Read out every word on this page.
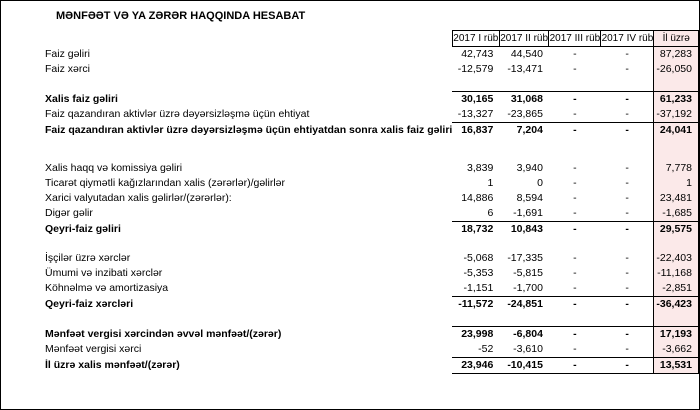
MƏNFƏƏT VƏ YA ZƏRƏR HAQQINDA HESABAT
	2017 I rüb	2017 II rüb	2017 III rüb	2017 IV rüb	İl üzrə
Faiz gəliri	42,743	44,540	-	-	87,283

Faiz xərci	-12,579	-13,471	-	-	-26,050

Xalis faiz gəliri	30,165	31,068	-	-	61,233

Faiz qazandıran aktivlər üzrə dəyərsizləşmə üçün ehtiyat	-13,327	-23,865	-	-	-37,192

Faiz qazandıran aktivlər üzrə dəyərsizləşmə üçün ehtiyatdan sonra xalis faiz gəliri	16,837	7,204	-	-	24,041

Xalis haqq və komissiya gəliri	3,839	3,940	-	-	7,778

Ticarət qiymətli kağızlarından xalis (zərərlər)/gəlirlər	1	0	-	-	1

Xarici valyutadan xalis gəlirlər/(zərərlər):	14,886	8,594	-	-	23,481

Digər gəlir	6	-1,691	-	-	-1,685

Qeyri-faiz gəliri	18,732	10,843	-	-	29,575

İşçilər üzrə xərclər	-5,068	-17,335	-	-	-22,403

Ümumi və inzibati xərclər	-5,353	-5,815	-	-	-11,168

Köhnəlmə və amortizasiya	-1,151	-1,700	-	-	-2,851

Qeyri-faiz xərcləri	-11,572	-24,851	-	-	-36,423

Mənfəət vergisi xərcindən əvvəl mənfəət/(zərər)	23,998	-6,804	-	-	17,193

Mənfəət vergisi xərci	-52	-3,610	-	-	-3,662

İl üzrə xalis mənfəət/(zərər)	23,946	-10,415	-	-	13,531
